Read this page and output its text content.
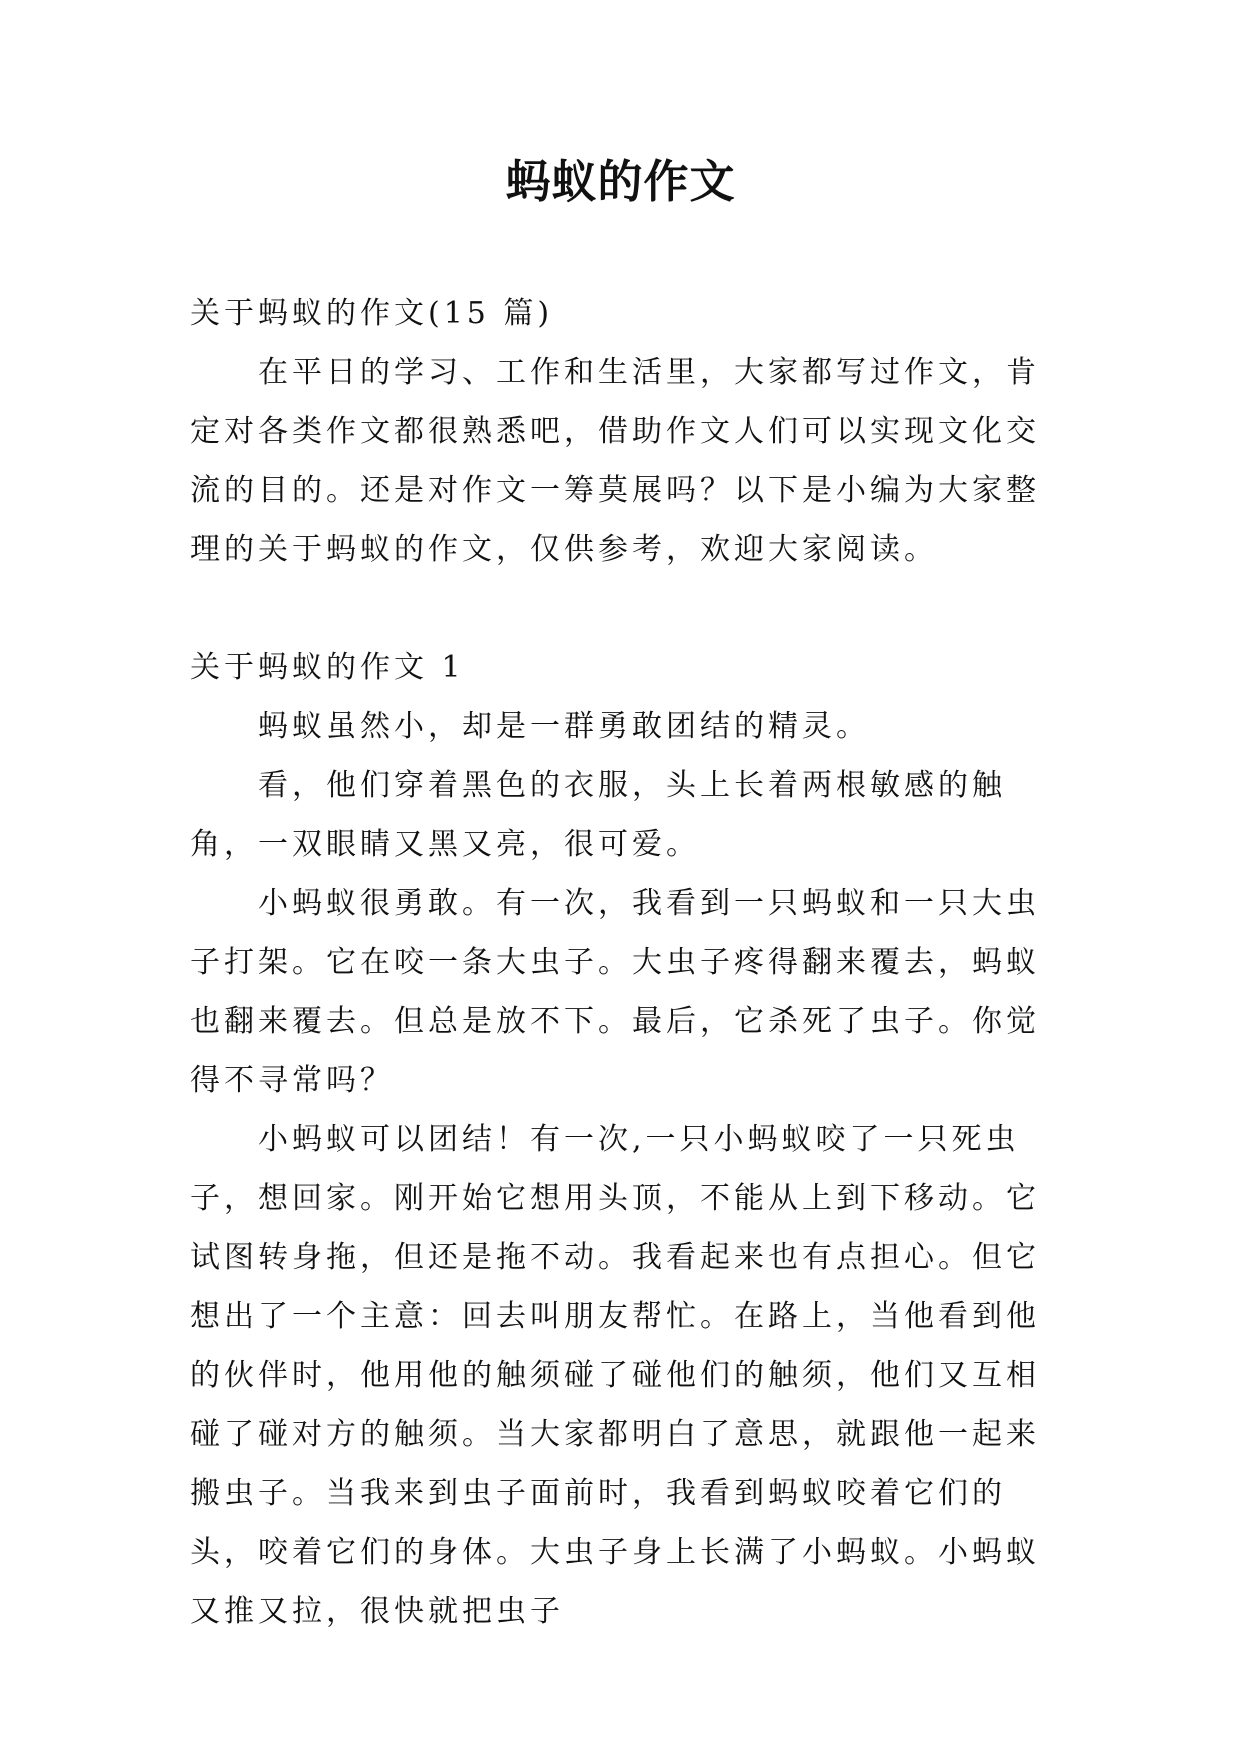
蚂蚁的作文

关于蚂蚁的作文(15 篇)

在平日的学习、工作和生活里，大家都写过作文，肯定对各类作文都很熟悉吧，借助作文人们可以实现文化交流的目的。还是对作文一筹莫展吗？以下是小编为大家整理的关于蚂蚁的作文，仅供参考，欢迎大家阅读。

关于蚂蚁的作文 1

蚂蚁虽然小，却是一群勇敢团结的精灵。

看，他们穿着黑色的衣服，头上长着两根敏感的触角，一双眼睛又黑又亮，很可爱。

小蚂蚁很勇敢。有一次，我看到一只蚂蚁和一只大虫子打架。它在咬一条大虫子。大虫子疼得翻来覆去，蚂蚁也翻来覆去。但总是放不下。最后，它杀死了虫子。你觉得不寻常吗？

小蚂蚁可以团结！有一次,一只小蚂蚁咬了一只死虫子，想回家。刚开始它想用头顶，不能从上到下移动。它试图转身拖，但还是拖不动。我看起来也有点担心。但它想出了一个主意：回去叫朋友帮忙。在路上，当他看到他的伙伴时，他用他的触须碰了碰他们的触须，他们又互相碰了碰对方的触须。当大家都明白了意思，就跟他一起来搬虫子。当我来到虫子面前时，我看到蚂蚁咬着它们的头，咬着它们的身体。大虫子身上长满了小蚂蚁。小蚂蚁又推又拉，很快就把虫子
